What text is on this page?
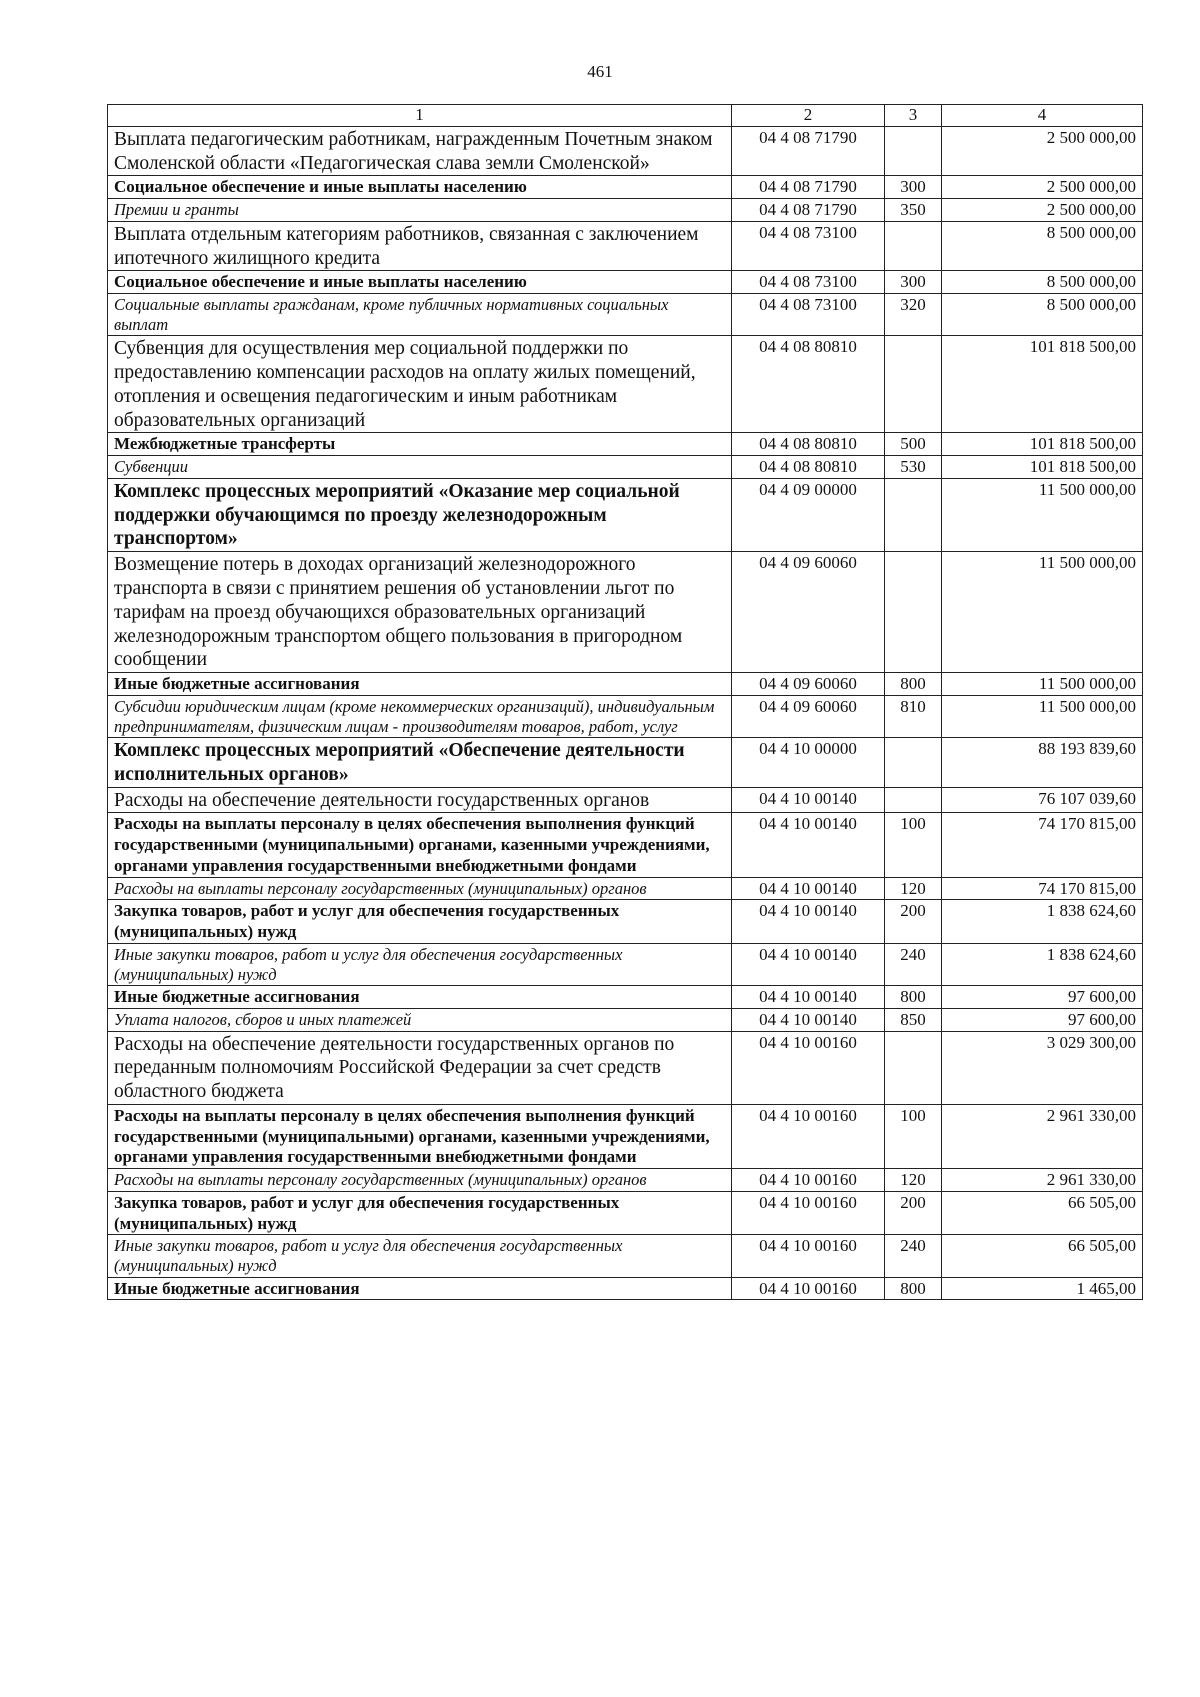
461
1	2	3	4
Выплата педагогическим работникам, награжденным Почетным знаком Смоленской области «Педагогическая слава земли Смоленской»	04 4 08 71790		2 500 000,00
Социальное обеспечение и иные выплаты населению	04 4 08 71790	300	2 500 000,00
Премии и гранты	04 4 08 71790	350	2 500 000,00
Выплата отдельным категориям работников, связанная с заключением ипотечного жилищного кредита	04 4 08 73100		8 500 000,00
Социальное обеспечение и иные выплаты населению	04 4 08 73100	300	8 500 000,00
Социальные выплаты гражданам, кроме публичных нормативных социальных выплат	04 4 08 73100	320	8 500 000,00
Субвенция для осуществления мер социальной поддержки по предоставлению компенсации расходов на оплату жилых помещений, отопления и освещения педагогическим и иным работникам образовательных организаций	04 4 08 80810		101 818 500,00
Межбюджетные трансферты	04 4 08 80810	500	101 818 500,00
Субвенции	04 4 08 80810	530	101 818 500,00
Комплекс процессных мероприятий «Оказание мер социальной поддержки обучающимся по проезду железнодорожным транспортом»	04 4 09 00000		11 500 000,00
Возмещение потерь в доходах организаций железнодорожного транспорта в связи с принятием решения об установлении льгот по тарифам на проезд обучающихся образовательных организаций железнодорожным транспортом общего пользования в пригородном сообщении	04 4 09 60060		11 500 000,00
Иные бюджетные ассигнования	04 4 09 60060	800	11 500 000,00
Субсидии юридическим лицам (кроме некоммерческих организаций), индивидуальным предпринимателям, физическим лицам - производителям товаров, работ, услуг	04 4 09 60060	810	11 500 000,00
Комплекс процессных мероприятий «Обеспечение деятельности исполнительных органов»	04 4 10 00000		88 193 839,60
Расходы на обеспечение деятельности государственных органов	04 4 10 00140		76 107 039,60
Расходы на выплаты персоналу в целях обеспечения выполнения функций государственными (муниципальными) органами, казенными учреждениями, органами управления государственными внебюджетными фондами	04 4 10 00140	100	74 170 815,00
Расходы на выплаты персоналу государственных (муниципальных) органов	04 4 10 00140	120	74 170 815,00
Закупка товаров, работ и услуг для обеспечения государственных (муниципальных) нужд	04 4 10 00140	200	1 838 624,60
Иные закупки товаров, работ и услуг для обеспечения государственных (муниципальных) нужд	04 4 10 00140	240	1 838 624,60
Иные бюджетные ассигнования	04 4 10 00140	800	97 600,00
Уплата налогов, сборов и иных платежей	04 4 10 00140	850	97 600,00
Расходы на обеспечение деятельности государственных органов по переданным полномочиям Российской Федерации за счет средств областного бюджета	04 4 10 00160		3 029 300,00
Расходы на выплаты персоналу в целях обеспечения выполнения функций государственными (муниципальными) органами, казенными учреждениями, органами управления государственными внебюджетными фондами	04 4 10 00160	100	2 961 330,00
Расходы на выплаты персоналу государственных (муниципальных) органов	04 4 10 00160	120	2 961 330,00
Закупка товаров, работ и услуг для обеспечения государственных (муниципальных) нужд	04 4 10 00160	200	66 505,00
Иные закупки товаров, работ и услуг для обеспечения государственных (муниципальных) нужд	04 4 10 00160	240	66 505,00
Иные бюджетные ассигнования	04 4 10 00160	800	1 465,00
